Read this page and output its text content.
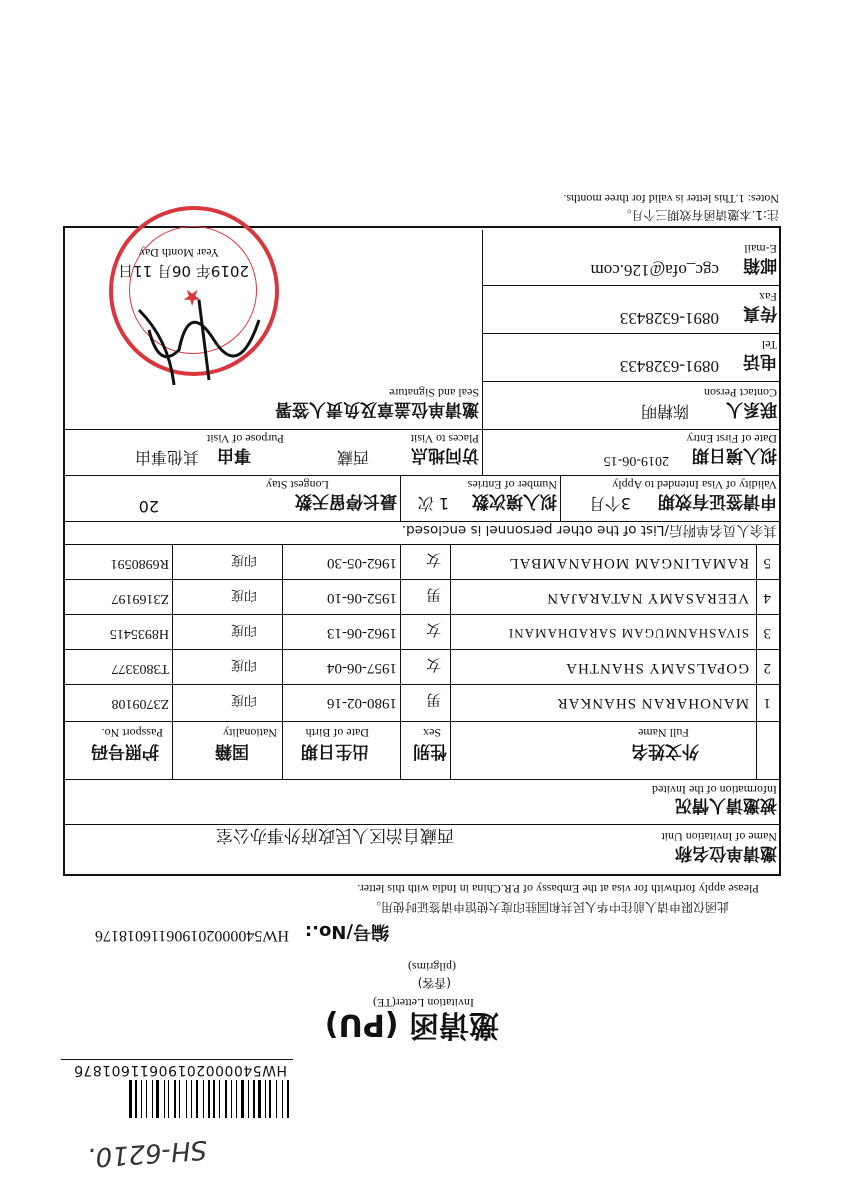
SH-6210.
HW5400002019061160187б
邀请函 (PU)
Invitation Letter(TE)
(香客)
(pilgrims)
编号/No.:
HW540000201906116018176
此函仅限申请人前往中华人民共和国驻印度大使馆申请签证时使用。
Please apply forthwith for visa at the Embassy of P.R.China in India with this letter.
邀请单位名称
Name of Invitation Unit
西藏自治区人民政府外事办公室
被邀请人情况
Information of the Invited
外文姓名
Full Name
性别
Sex
出生日期
Date of Birth
国籍
Nationality
护照号码
Passport No.
1
MANOHARAN SHANKAR
男
1980-02-16
印度
Z3709108
2
GOPALSAMY SHANTHA
女
1957-06-04
印度
T3803377
3
SIVASHANMUGAM SARADHAMANI
女
1962-06-13
印度
H8935415
4
VEERASAMY NATARAJAN
男
1952-06-10
印度
Z3169197
5
RAMALINGAM MOHANAMBAL
女
1962-05-30
印度
R6980591
其余人员名单附后/List of the other personnel is enclosed.
申请签证有效期
3个月
Validity of Visa Intended to Apply
拟入境次数
1 次
Number of Entries
最长停留天数
20
Longest Stay
拟入境日期
2019-06-15
Date of First Entry
访问地点
西藏
Places to Visit
事由
其他事由
Purpose of Visit
联系人
陈精明
Contact Person
电话
0891-6328433
Tel
传真
0891-6328433
Fax
邮箱
cgc_ofa@126.com
E-mail
邀请单位盖章及负责人签署
Seal and Signature
★
2019年 06月 11日
Year Month Day
注:1.本邀请函有效期三个月。
Notes: 1.This letter is valid for three months.
